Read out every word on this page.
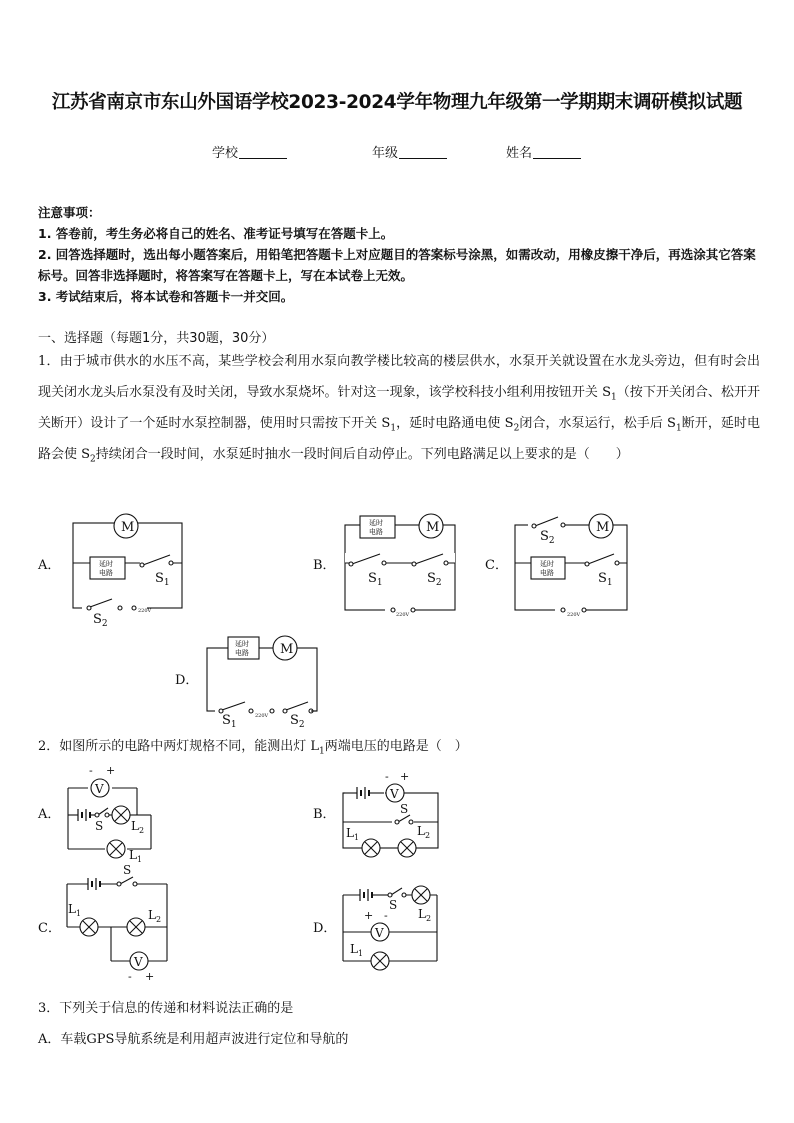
江苏省南京市东山外国语学校2023-2024学年物理九年级第一学期期末调研模拟试题
学校	年级	姓名
注意事项：
1. 答卷前，考生务必将自己的姓名、准考证号填写在答题卡上。
2. 回答选择题时，选出每小题答案后，用铅笔把答题卡上对应题目的答案标号涂黑，如需改动，用橡皮擦干净后，再选涂其它答案标号。回答非选择题时，将答案写在答题卡上，写在本试卷上无效。
3. 考试结束后，将本试卷和答题卡一并交回。
一、选择题（每题1分，共30题，30分）
1．由于城市供水的水压不高，某些学校会利用水泵向教学楼比较高的楼层供水，水泵开关就设置在水龙头旁边，但有时会出现关闭水龙头后水泵没有及时关闭，导致水泵烧坏。针对这一现象，该学校科技小组利用按钮开关 $S_1$（按下开关闭合、松开开关断开）设计了一个延时水泵控制器，使用时只需按下开关 $S_1$，延时电路通电使 $S_2$闭合，水泵运行，松手后 $S_1$断开，延时电路会使 $S_2$持续闭合一段时间，水泵延时抽水一段时间后自动停止。下列电路满足以上要求的是（　　）
A．	B．	C．
D．
M	M	M
M
延时
电路
延时
电路
延时
电路
延时
电路
$S_1$
$S_2$
$S_1$	$S_2$
$S_2$
$S_1$
$S_1$	$S_2$
220V
220V	220V
220V
2．如图所示的电路中两灯规格不同，能测出灯 $L_1$两端电压的电路是（　）
A．	B．
C．	D．
V	V
V
V
- +	- +
- +
+ -
S
S
S
S
$L_2$
$L_1$
$L_1$	$L_2$
$L_1$	$L_2$	$L_2$
$L_1$
3．下列关于信息的传递和材料说法正确的是
A．车载GPS导航系统是利用超声波进行定位和导航的
